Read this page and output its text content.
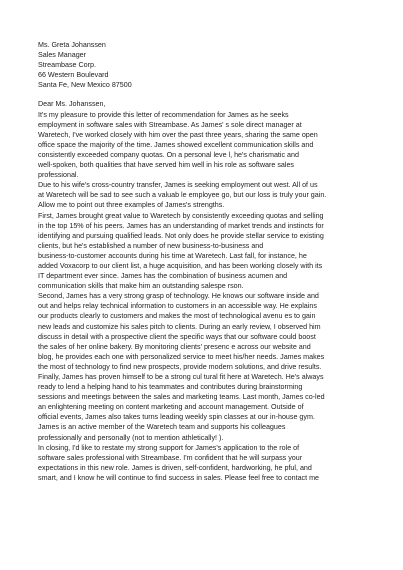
Ms. Greta Johanssen
Sales Manager
Streambase Corp.
66 Western Boulevard
Santa Fe, New Mexico 87500
Dear Ms. Johanssen,
It's my pleasure to provide this letter of recommendation for James as he seeks
employment in software sales with Streambase. As James' s sole direct manager at
Waretech, I've worked closely with him over the past three years, sharing the same open
office space the majority of the time. James showed excellent communication skills and
consistently exceeded company quotas. On a personal leve l, he's charismatic and
well-spoken, both qualities that have served him well in his role as software sales
professional.
Due to his wife's cross-country transfer, James is seeking employment out west. All of us
at Waretech will be sad to see such a valuab le employee go, but our loss is truly your gain.
Allow me to point out three examples of James's strengths.
First, James brought great value to Waretech by consistently exceeding quotas and selling
in the top 15% of his peers. James has an understanding of market trends and instincts for
identifying and pursuing qualified leads. Not only does he provide stellar service to existing
clients, but he's established a number of new business-to-business and
business-to-customer accounts during his time at Waretech. Last fall, for instance, he
added Voxacorp to our client list, a huge acquisition, and has been working closely with its
IT department ever since. James has the combination of business acumen and
communication skills that make him an outstanding salespe rson.
Second, James has a very strong grasp of technology. He knows our software inside and
out and helps relay technical information to customers in an accessible way. He explains
our products clearly to customers and makes the most of technological avenu es to gain
new leads and customize his sales pitch to clients. During an early review, I observed him
discuss in detail with a prospective client the specific ways that our software could boost
the sales of her online bakery. By monitoring clients' presenc e across our website and
blog, he provides each one with personalized service to meet his/her needs. James makes
the most of technology to find new prospects, provide modern solutions, and drive results.
Finally, James has proven himself to be a strong cul tural fit here at Waretech. He's always
ready to lend a helping hand to his teammates and contributes during brainstorming
sessions and meetings between the sales and marketing teams. Last month, James co-led
an enlightening meeting on content marketing and account management. Outside of
official events, James also takes turns leading weekly spin classes at our in-house gym.
James is an active member of the Waretech team and supports his colleagues
professionally and personally (not to mention athletically! ).
In closing, I'd like to restate my strong support for James's application to the role of
software sales professional with Streambase. I'm confident that he will surpass your
expectations in this new role. James is driven, self-confident, hardworking, he pful, and
smart, and I know he will continue to find success in sales. Please feel free to contact me
